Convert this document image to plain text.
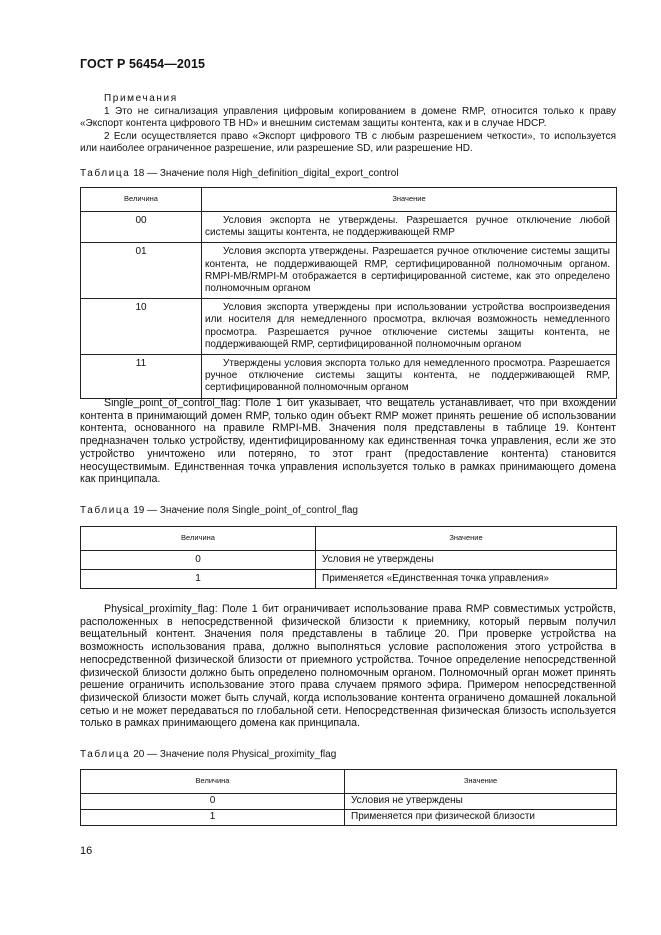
ГОСТ Р 56454—2015
Примечания

1 Это не сигнализация управления цифровым копированием в домене RMP, относится только к праву «Экспорт контента цифрового ТВ HD» и внешним системам защиты контента, как и в случае HDCP.

2 Если осуществляется право «Экспорт цифрового ТВ с любым разрешением четкости», то используется или наиболее ограниченное разрешение, или разрешение SD, или разрешение HD.

Таблица 18 — Значение поля High_definition_digital_export_control
Величина	Значение
00	Условия экспорта не утверждены. Разрешается ручное отключение любой системы защиты контента, не поддерживающей RMP
01	Условия экспорта утверждены. Разрешается ручное отключение системы защиты контента, не поддерживающей RMP, сертифицированной полномочным органом. RMPI-MB/RMPI-M отображается в сертифицированной системе, как это определено полномочным органом
10	Условия экспорта утверждены при использовании устройства воспроизведения или носителя для немедленного просмотра, включая возможность немедленного просмотра. Разрешается ручное отключение системы защиты контента, не поддерживающей RMP, сертифицированной полномочным органом
11	Утверждены условия экспорта только для немедленного просмотра. Разрешается ручное отключение системы защиты контента, не поддерживающей RMP, сертифицированной полномочным органом

Single_point_of_control_flag: Поле 1 бит указывает, что вещатель устанавливает, что при вхождении контента в принимающий домен RMP, только один объект RMP может принять решение об использовании контента, основанного на правиле RMPI-MB. Значения поля представлены в таблице 19. Контент предназначен только устройству, идентифицированному как единственная точка управления, если же это устройство уничтожено или потеряно, то этот грант (предоставление контента) становится неосуществимым. Единственная точка управления используется только в рамках принимающего домена как принципала.

Таблица 19 — Значение поля Single_point_of_control_flag
Величина	Значение
0	Условия не утверждены
1	Применяется «Единственная точка управления»

Physical_proximity_flag: Поле 1 бит ограничивает использование права RMP совместимых устройств, расположенных в непосредственной физической близости к приемнику, который первым получил вещательный контент. Значения поля представлены в таблице 20. При проверке устройства на возможность использования права, должно выполняться условие расположения этого устройства в непосредственной физической близости от приемного устройства. Точное определение непосредственной физической близости должно быть определено полномочным органом. Полномочный орган может принять решение ограничить использование этого права случаем прямого эфира. Примером непосредственной физической близости может быть случай, когда использование контента ограничено домашней локальной сетью и не может передаваться по глобальной сети. Непосредственная физическая близость используется только в рамках принимающего домена как принципала.

Таблица 20 — Значение поля Physical_proximity_flag
Величина	Значение
0	Условия не утверждены
1	Применяется при физической близости
16
